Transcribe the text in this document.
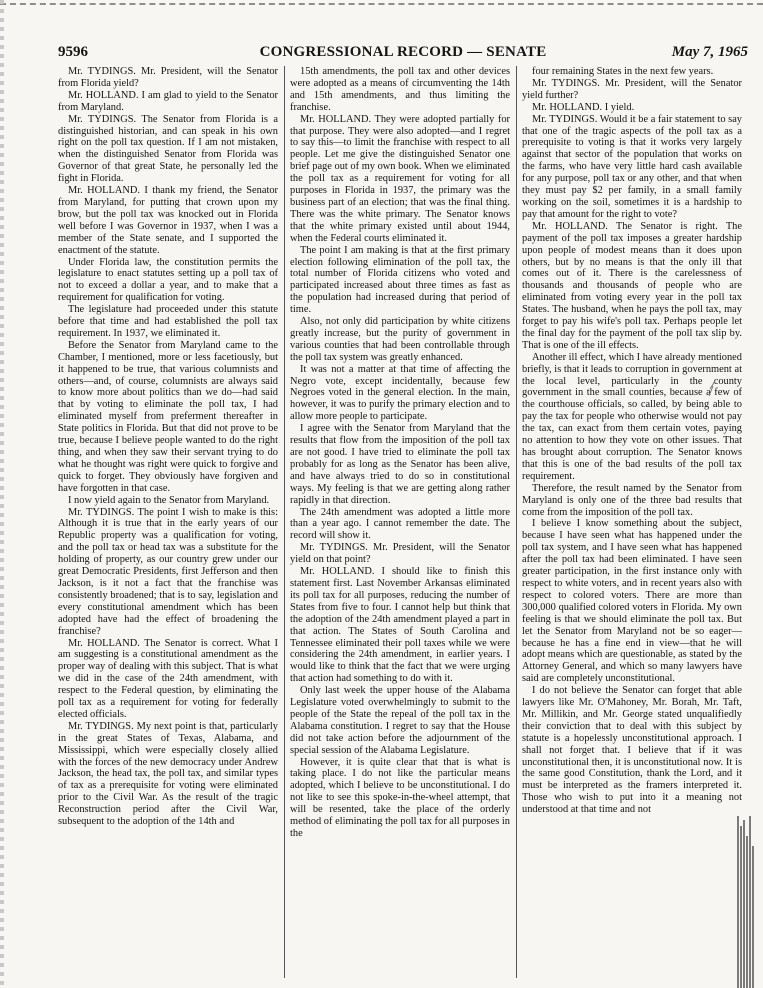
9596	CONGRESSIONAL RECORD — SENATE	May 7, 1965

Mr. TYDINGS. Mr. President, will the Senator from Florida yield?

Mr. HOLLAND. I am glad to yield to the Senator from Maryland.

Mr. TYDINGS. The Senator from Florida is a distinguished historian, and can speak in his own right on the poll tax question. If I am not mistaken, when the distinguished Senator from Florida was Governor of that great State, he personally led the fight in Florida.

Mr. HOLLAND. I thank my friend, the Senator from Maryland, for putting that crown upon my brow, but the poll tax was knocked out in Florida well before I was Governor in 1937, when I was a member of the State senate, and I supported the enactment of the statute.

Under Florida law, the constitution permits the legislature to enact statutes setting up a poll tax of not to exceed a dollar a year, and to make that a requirement for qualification for voting.

The legislature had proceeded under this statute before that time and had established the poll tax requirement. In 1937, we eliminated it.

Before the Senator from Maryland came to the Chamber, I mentioned, more or less facetiously, but it happened to be true, that various columnists and others—and, of course, columnists are always said to know more about politics than we do—had said that by voting to eliminate the poll tax, I had eliminated myself from preferment thereafter in State politics in Florida. But that did not prove to be true, because I believe people wanted to do the right thing, and when they saw their servant trying to do what he thought was right were quick to forgive and quick to forget. They obviously have forgiven and have forgotten in that case.

I now yield again to the Senator from Maryland.

Mr. TYDINGS. The point I wish to make is this: Although it is true that in the early years of our Republic property was a qualification for voting, and the poll tax or head tax was a substitute for the holding of property, as our country grew under our great Democratic Presidents, first Jefferson and then Jackson, is it not a fact that the franchise was consistently broadened; that is to say, legislation and every constitutional amendment which has been adopted have had the effect of broadening the franchise?

Mr. HOLLAND. The Senator is correct. What I am suggesting is a constitutional amendment as the proper way of dealing with this subject. That is what we did in the case of the 24th amendment, with respect to the Federal question, by eliminating the poll tax as a requirement for voting for federally elected officials.

Mr. TYDINGS. My next point is that, particularly in the great States of Texas, Alabama, and Mississippi, which were especially closely allied with the forces of the new democracy under Andrew Jackson, the head tax, the poll tax, and similar types of tax as a prerequisite for voting were eliminated prior to the Civil War. As the result of the tragic Reconstruction period after the Civil War, subsequent to the adoption of the 14th and

15th amendments, the poll tax and other devices were adopted as a means of circumventing the 14th and 15th amendments, and thus limiting the franchise.

Mr. HOLLAND. They were adopted partially for that purpose. They were also adopted—and I regret to say this—to limit the franchise with respect to all people. Let me give the distinguished Senator one brief page out of my own book. When we eliminated the poll tax as a requirement for voting for all purposes in Florida in 1937, the primary was the business part of an election; that was the final thing. There was the white primary. The Senator knows that the white primary existed until about 1944, when the Federal courts eliminated it.

The point I am making is that at the first primary election following elimination of the poll tax, the total number of Florida citizens who voted and participated increased about three times as fast as the population had increased during that period of time.

Also, not only did participation by white citizens greatly increase, but the purity of government in various counties that had been controllable through the poll tax system was greatly enhanced.

It was not a matter at that time of affecting the Negro vote, except incidentally, because few Negroes voted in the general election. In the main, however, it was to purify the primary election and to allow more people to participate.

I agree with the Senator from Maryland that the results that flow from the imposition of the poll tax are not good. I have tried to eliminate the poll tax probably for as long as the Senator has been alive, and have always tried to do so in constitutional ways. My feeling is that we are getting along rather rapidly in that direction.

The 24th amendment was adopted a little more than a year ago. I cannot remember the date. The record will show it.

Mr. TYDINGS. Mr. President, will the Senator yield on that point?

Mr. HOLLAND. I should like to finish this statement first. Last November Arkansas eliminated its poll tax for all purposes, reducing the number of States from five to four. I cannot help but think that the adoption of the 24th amendment played a part in that action. The States of South Carolina and Tennessee eliminated their poll taxes while we were considering the 24th amendment, in earlier years. I would like to think that the fact that we were urging that action had something to do with it.

Only last week the upper house of the Alabama Legislature voted overwhelmingly to submit to the people of the State the repeal of the poll tax in the Alabama constitution. I regret to say that the House did not take action before the adjournment of the special session of the Alabama Legislature.

However, it is quite clear that that is what is taking place. I do not like the particular means adopted, which I believe to be unconstitutional. I do not like to see this spoke-in-the-wheel attempt, that will be resented, take the place of the orderly method of eliminating the poll tax for all purposes in the

four remaining States in the next few years.

Mr. TYDINGS. Mr. President, will the Senator yield further?

Mr. HOLLAND. I yield.

Mr. TYDINGS. Would it be a fair statement to say that one of the tragic aspects of the poll tax as a prerequisite to voting is that it works very largely against that sector of the population that works on the farms, who have very little hard cash available for any purpose, poll tax or any other, and that when they must pay $2 per family, in a small family working on the soil, sometimes it is a hardship to pay that amount for the right to vote?

Mr. HOLLAND. The Senator is right. The payment of the poll tax imposes a greater hardship upon people of modest means than it does upon others, but by no means is that the only ill that comes out of it. There is the carelessness of thousands and thousands of people who are eliminated from voting every year in the poll tax States. The husband, when he pays the poll tax, may forget to pay his wife's poll tax. Perhaps people let the final day for the payment of the poll tax slip by. That is one of the ill effects.

Another ill effect, which I have already mentioned briefly, is that it leads to corruption in government at the local level, particularly in the county government in the small counties, because a few of the courthouse officials, so called, by being able to pay the tax for people who otherwise would not pay the tax, can exact from them certain votes, paying no attention to how they vote on other issues. That has brought about corruption. The Senator knows that this is one of the bad results of the poll tax requirement.

Therefore, the result named by the Senator from Maryland is only one of the three bad results that come from the imposition of the poll tax.

I believe I know something about the subject, because I have seen what has happened under the poll tax system, and I have seen what has happened after the poll tax had been eliminated. I have seen greater participation, in the first instance only with respect to white voters, and in recent years also with respect to colored voters. There are more than 300,000 qualified colored voters in Florida. My own feeling is that we should eliminate the poll tax. But let the Senator from Maryland not be so eager—because he has a fine end in view—that he will adopt means which are questionable, as stated by the Attorney General, and which so many lawyers have said are completely unconstitutional.

I do not believe the Senator can forget that able lawyers like Mr. O'Mahoney, Mr. Borah, Mr. Taft, Mr. Millikin, and Mr. George stated unqualifiedly their conviction that to deal with this subject by statute is a hopelessly unconstitutional approach. I shall not forget that. I believe that if it was unconstitutional then, it is unconstitutional now. It is the same good Constitution, thank the Lord, and it must be interpreted as the framers interpreted it. Those who wish to put into it a meaning not understood at that time and not
